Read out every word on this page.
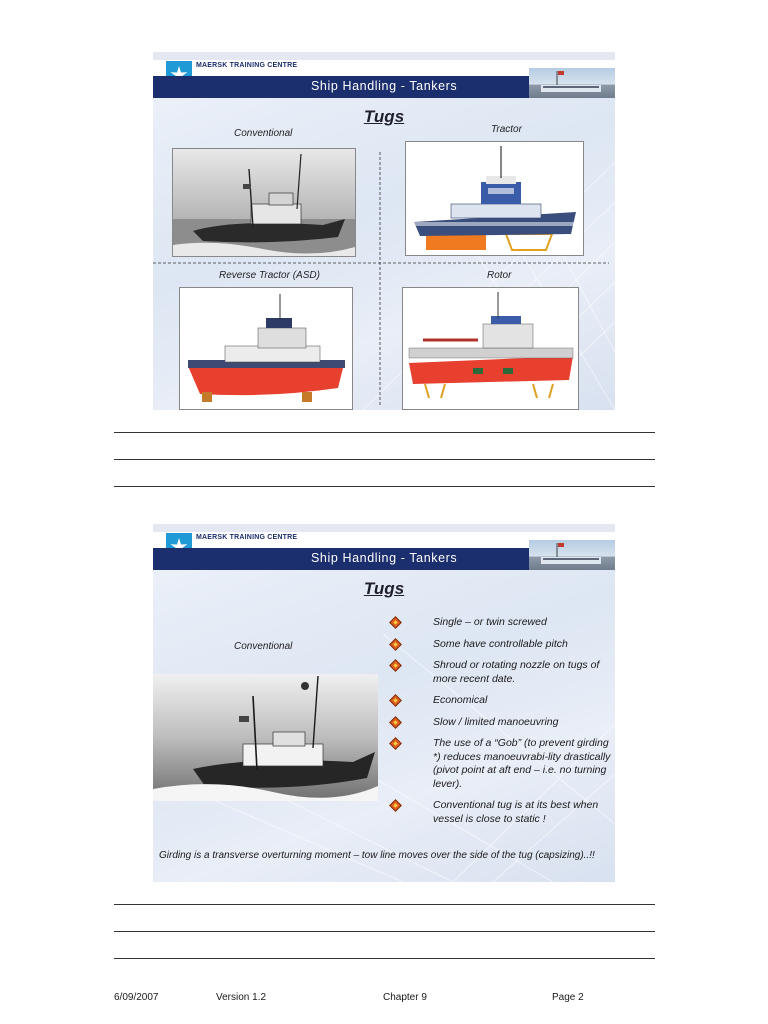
MAERSK TRAINING CENTRE
Ship Handling - Tankers
Tugs
Conventional	Tractor
Reverse Tractor (ASD)	Rotor
MAERSK TRAINING CENTRE
Ship Handling - Tankers
Tugs
Conventional
Single – or twin screwed
Some have controllable pitch
Shroud or rotating nozzle on tugs of more recent date.
Economical
Slow / limited manoeuvring
The use of a “Gob” (to prevent girding *) reduces manoeuvrabi-lity drastically (pivot point at aft end – i.e. no turning lever).
Conventional tug is at its best when vessel is close to static !
Girding is a transverse overturning moment – tow line moves over the side of the tug (capsizing)..!!
6/09/2007	Version 1.2	Chapter 9	Page 2
